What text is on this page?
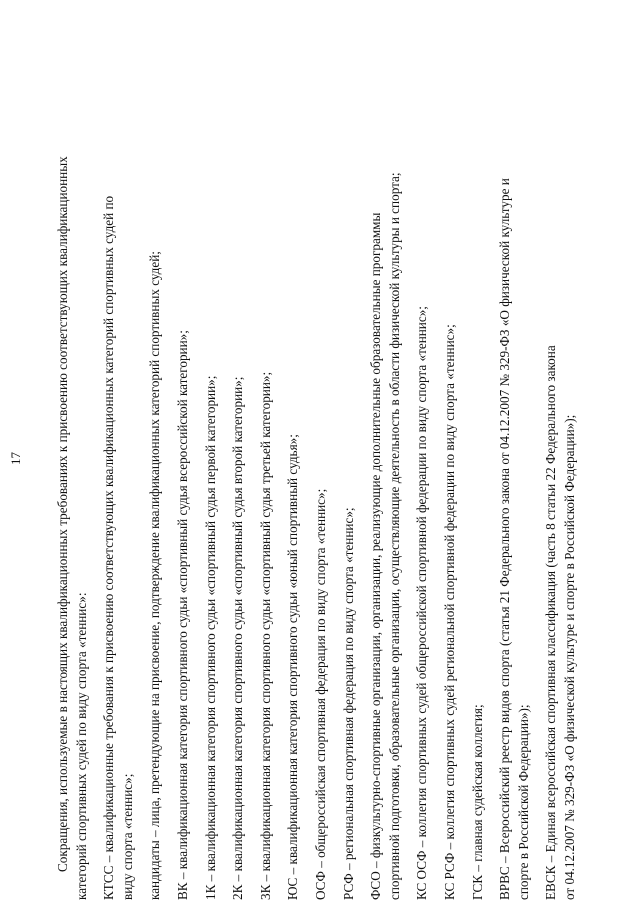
17 Сокращения, используемые в настоящих квалификационных требованиях к присвоению соответствующих квалификационных категорий спортивных судей по виду спорта «теннис»: КТСС – квалификационные требования к присвоению соответствующих квалификационных категорий спортивных судей по виду спорта «теннис»; кандидаты – лица, претендующие на присвоение, подтверждение квалификационных категорий спортивных судей; ВК – квалификационная категория спортивного судьи «спортивный судья всероссийской категории»; 1К – квалификационная категория спортивного судьи «спортивный судья первой категории»; 2К – квалификационная категория спортивного судьи «спортивный судья второй категории»; 3К – квалификационная категория спортивного судьи «спортивный судья третьей категории»; ЮС – квалификационная категория спортивного судьи «юный спортивный судья»; ОСФ – общероссийская спортивная федерация по виду спорта «теннис»; РСФ – региональная спортивная федерация по виду спорта «теннис»; ФСО – физкультурно-спортивные организации, организации, реализующие дополнительные образовательные программы спортивной подготовки, образовательные организации, осуществляющие деятельность в области физической культуры и спорта; КС ОСФ – коллегия спортивных судей общероссийской спортивной федерации по виду спорта «теннис»; КС РСФ – коллегия спортивных судей региональной спортивной федерации по виду спорта «теннис»; ГСК – главная судейская коллегия; ВРВС – Всероссийский реестр видов спорта (статья 21 Федерального закона от 04.12.2007 № 329-ФЗ «О физической культуре и спорте в Российской Федерации»); ЕВСК – Единая всероссийская спортивная классификация (часть 8 статьи 22 Федерального закона от 04.12.2007 № 329-ФЗ «О физической культуре и спорте в Российской Федерации»);
